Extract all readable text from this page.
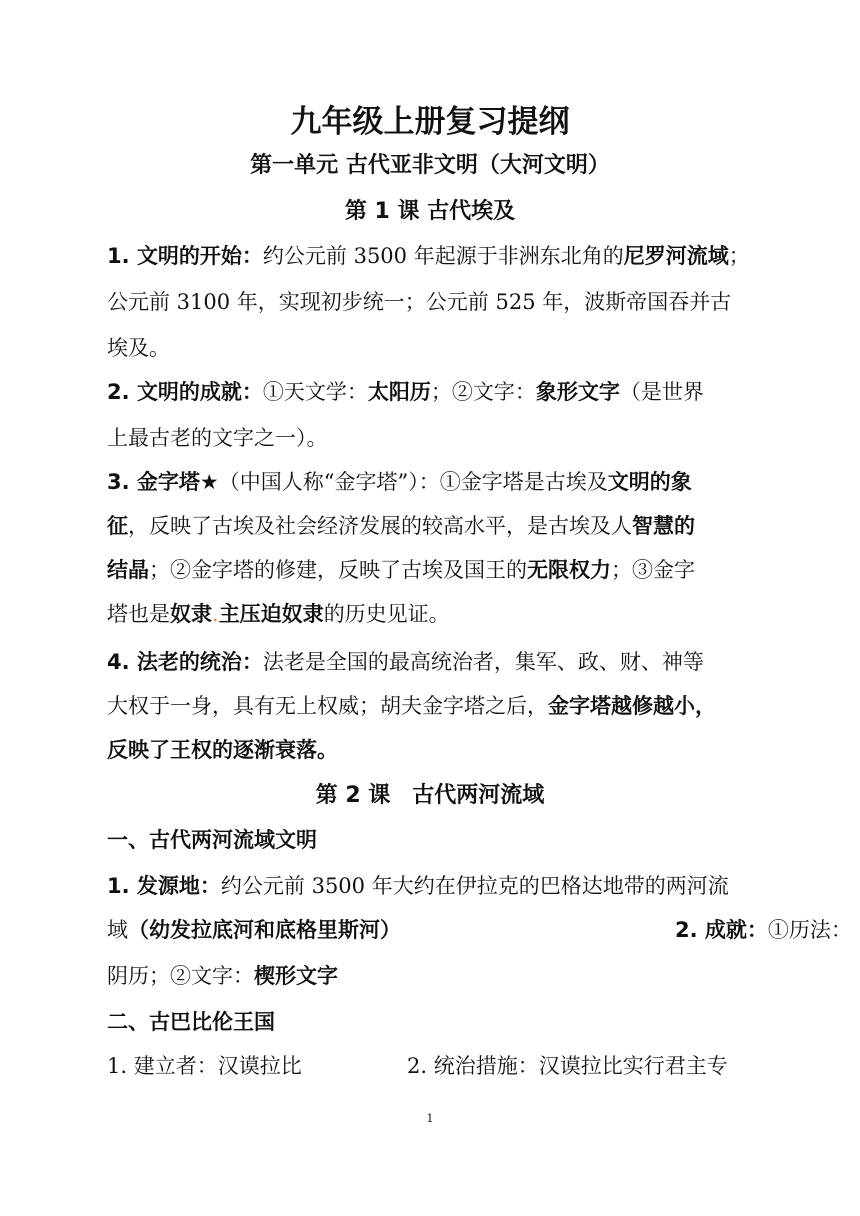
九年级上册复习提纲
第一单元 古代亚非文明（大河文明）
第 1 课 古代埃及
1. 文明的开始：约公元前 3500 年起源于非洲东北角的尼罗河流域；
公元前 3100 年，实现初步统一；公元前 525 年，波斯帝国吞并古
埃及。
2. 文明的成就：①天文学：太阳历；②文字：象形文字（是世界
上最古老的文字之一）。
3. 金字塔★（中国人称“金字塔”）：①金字塔是古埃及文明的象
征，反映了古埃及社会经济发展的较高水平，是古埃及人智慧的
结晶；②金字塔的修建，反映了古埃及国王的无限权力；③金字
塔也是奴隶.主压迫奴隶的历史见证。
4. 法老的统治：法老是全国的最高统治者，集军、政、财、神等
大权于一身，具有无上权威；胡夫金字塔之后，金字塔越修越小，
反映了王权的逐渐衰落。
第 2 课　古代两河流域
一、古代两河流域文明
1. 发源地：约公元前 3500 年大约在伊拉克的巴格达地带的两河流
域（幼发拉底河和底格里斯河）	2. 成就：①历法：
阴历；②文字：楔形文字
二、古巴比伦王国
1. 建立者：汉谟拉比	2. 统治措施：汉谟拉比实行君主专
1
